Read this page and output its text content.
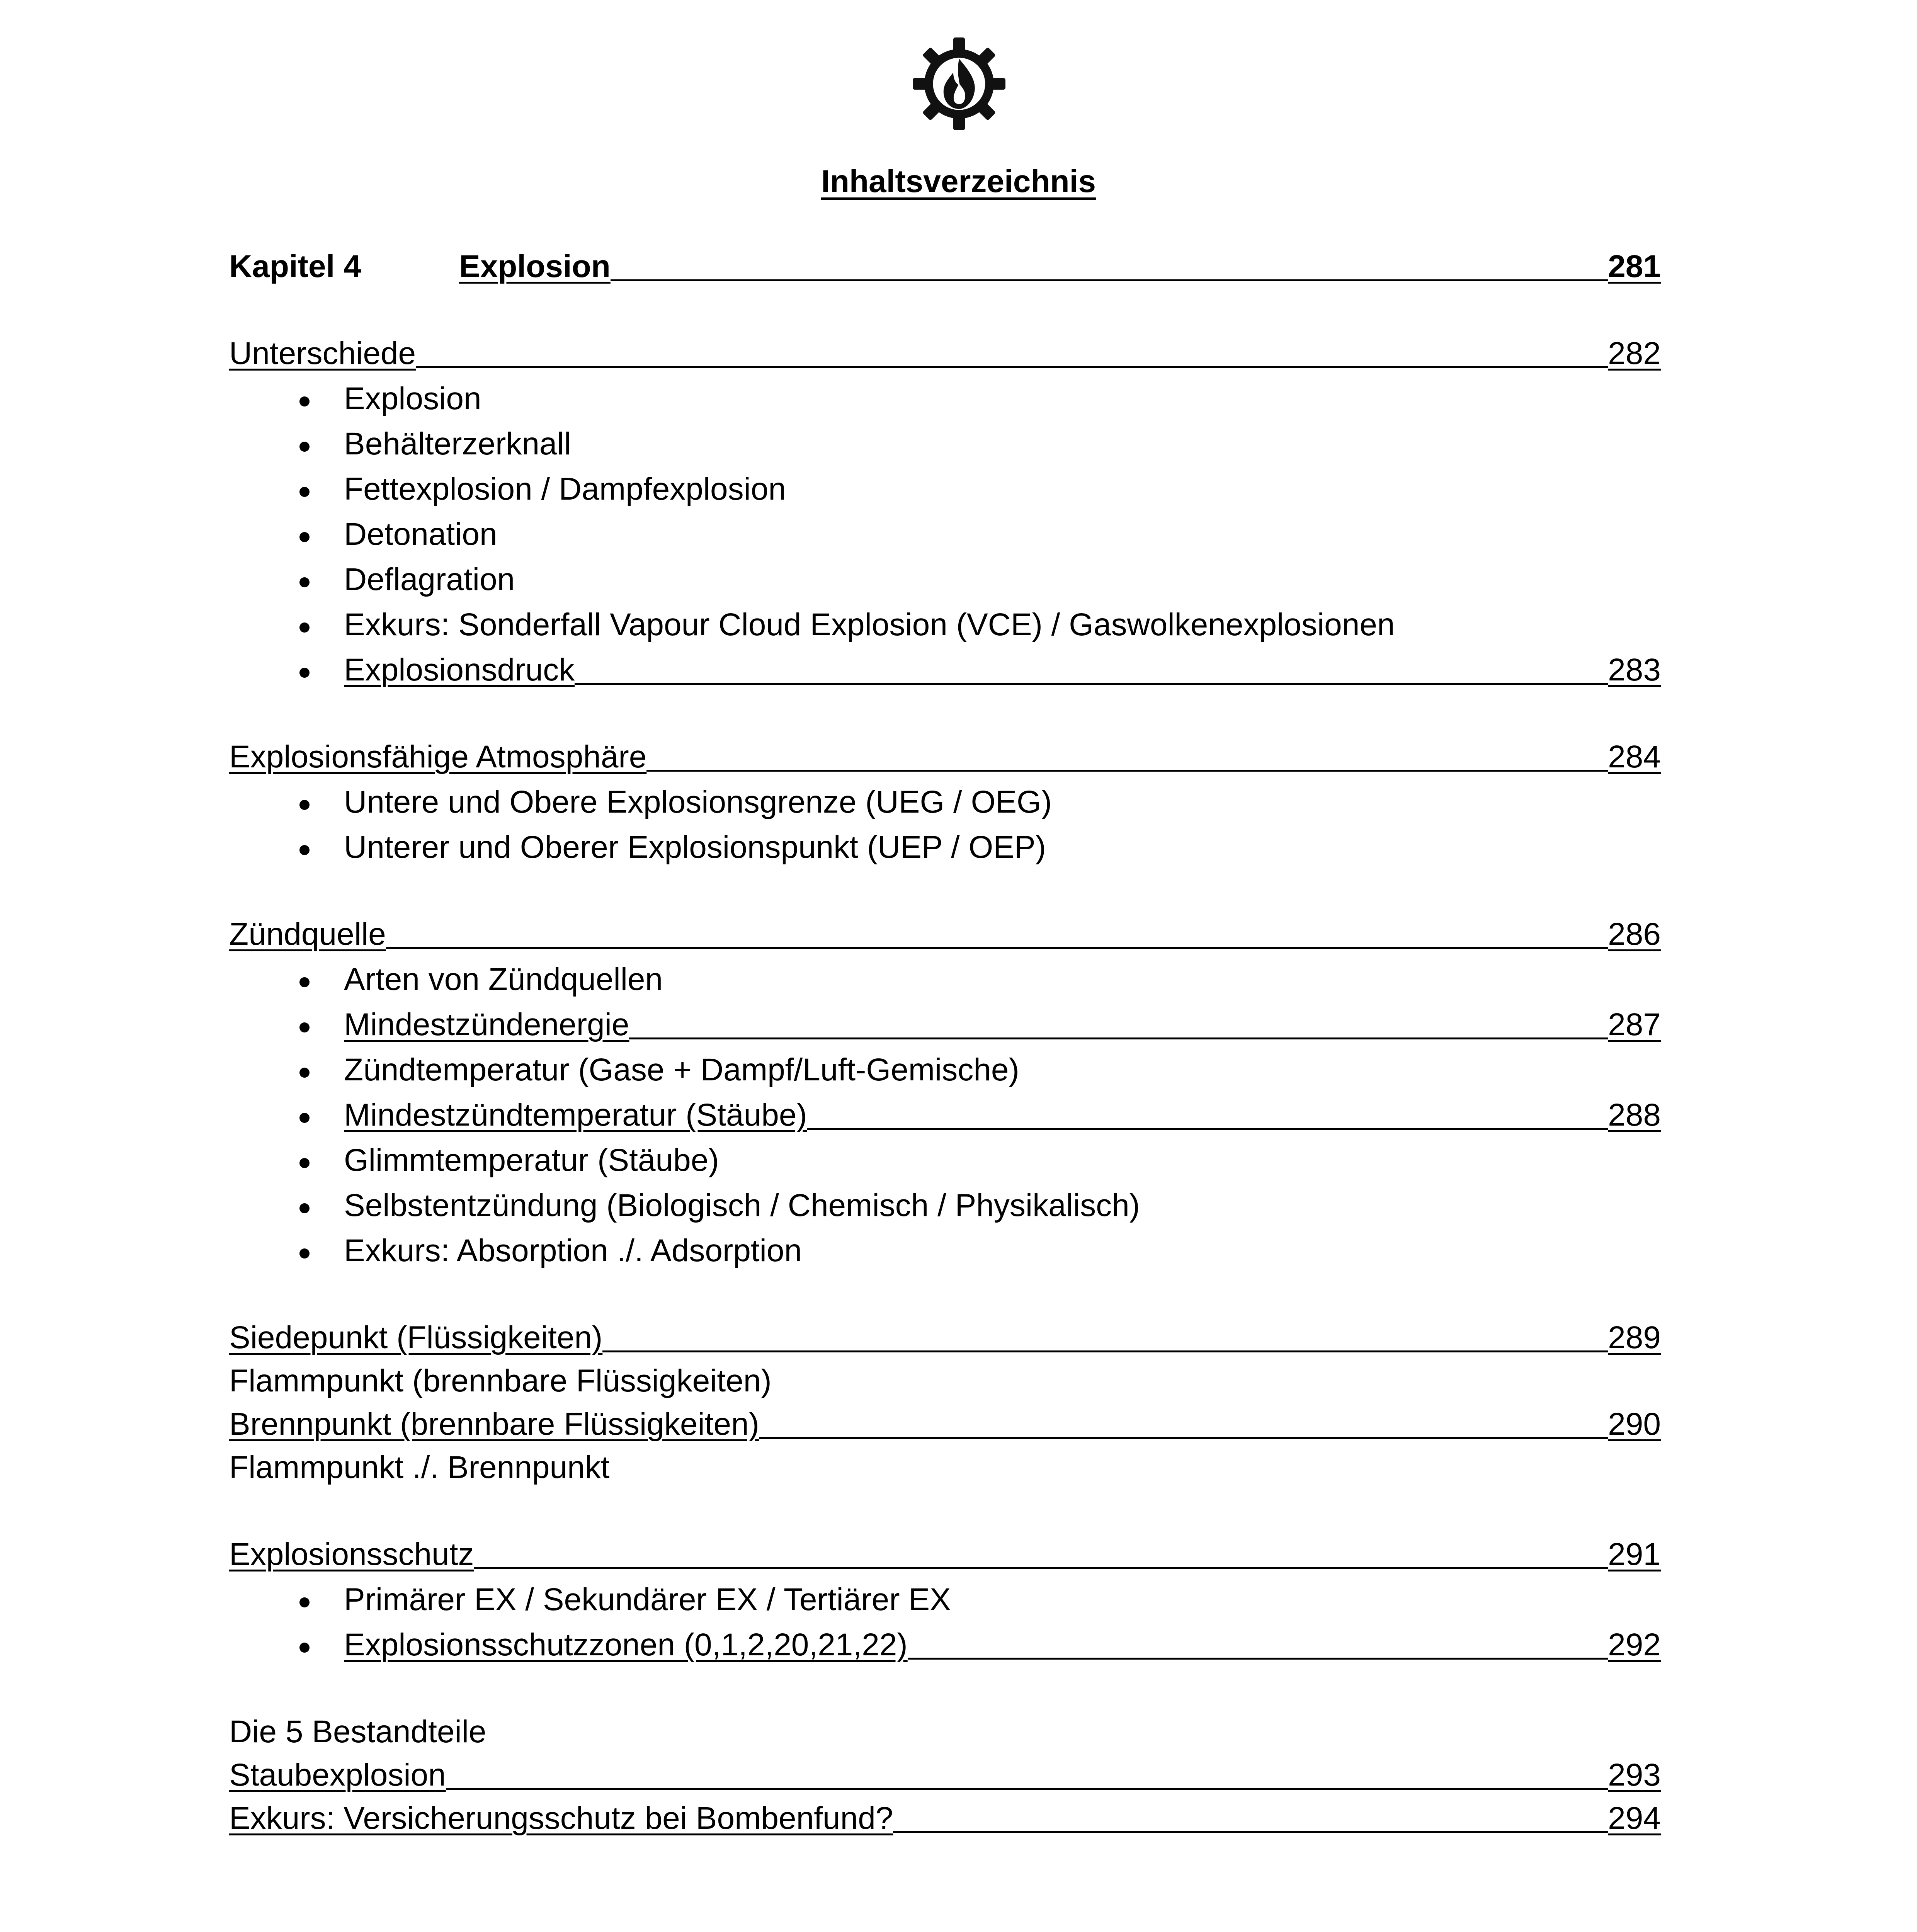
Inhaltsverzeichnis
Kapitel 4	Explosion	281
Unterschiede	282
Explosion
Behälterzerknall
Fettexplosion / Dampfexplosion
Detonation
Deflagration
Exkurs: Sonderfall Vapour Cloud Explosion (VCE) / Gaswolkenexplosionen
Explosionsdruck	283
Explosionsfähige Atmosphäre	284
Untere und Obere Explosionsgrenze (UEG / OEG)
Unterer und Oberer Explosionspunkt (UEP / OEP)
Zündquelle	286
Arten von Zündquellen
Mindestzündenergie	287
Zündtemperatur (Gase + Dampf/Luft-Gemische)
Mindestzündtemperatur (Stäube)	288
Glimmtemperatur (Stäube)
Selbstentzündung (Biologisch / Chemisch / Physikalisch)
Exkurs: Absorption ./. Adsorption
Siedepunkt (Flüssigkeiten)	289
Flammpunkt (brennbare Flüssigkeiten)
Brennpunkt (brennbare Flüssigkeiten)	290
Flammpunkt ./. Brennpunkt
Explosionsschutz	291
Primärer EX / Sekundärer EX / Tertiärer EX
Explosionsschutzzonen (0,1,2,20,21,22)	292
Die 5 Bestandteile
Staubexplosion	293
Exkurs: Versicherungsschutz bei Bombenfund?	294
